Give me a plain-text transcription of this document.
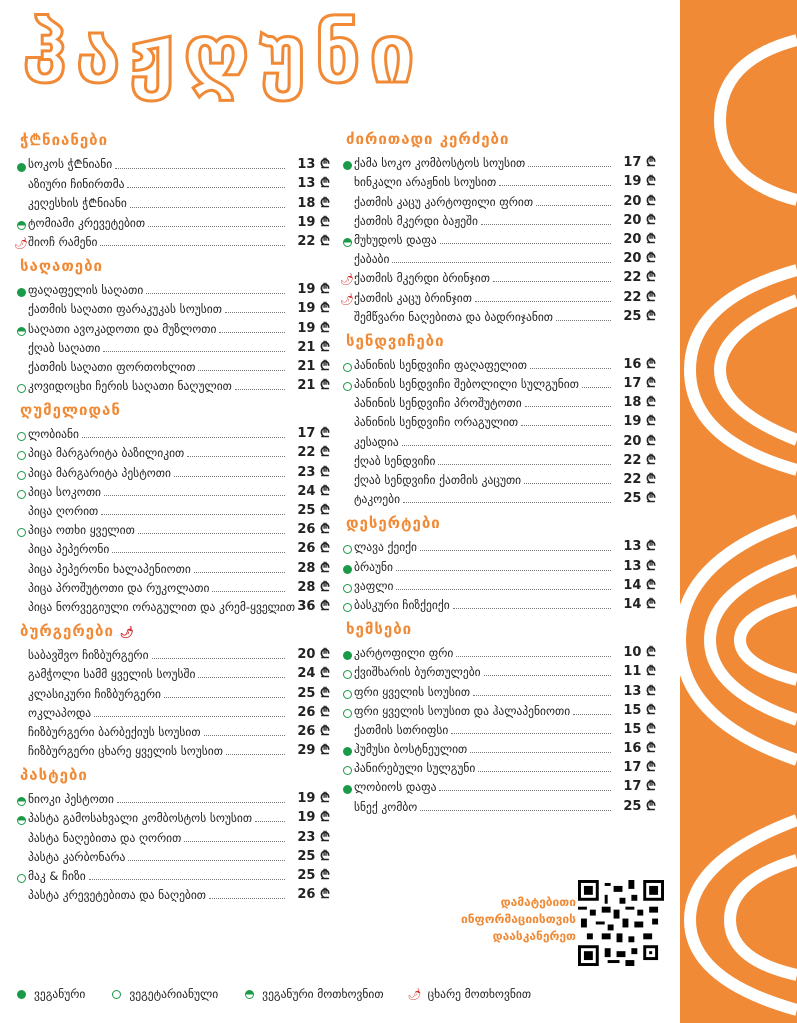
ჰაჟღუნი
ჭ₾ნიანები
სოკოს ჭ₾ნიანი	13 ₾
აზიური ჩინირთმა	13 ₾
კეღესხის ჭ₾ნიანი	18 ₾
ტომიამი კრევეტებით	19 ₾
🌶 შიოჩ რამენი	22 ₾
საღათები
ფაღაფელის საღათი	19 ₾
ქათმის საღათი ფარაკუკას სოუსით	19 ₾
საღათი ავოკადოთი და მუზლოთი	19 ₾
ქღაბ საღათი	21 ₾
ქათმის საღათი ფორთოხლით	21 ₾
კოვიდოცხი ჩერის საღათი ნაღულით	21 ₾
ღუმელიდან
ლობიანი	17 ₾
პიცა მარგარიტა ბაზილიკით	22 ₾
პიცა მარგარიტა პესტოთი	23 ₾
პიცა სოკოთი	24 ₾
პიცა ღორით	25 ₾
პიცა ოთხი ყველით	26 ₾
პიცა პეპერონი	26 ₾
პიცა პეპერონი ხალაპენიოთი	28 ₾
პიცა პროშუტოთი და რუკოლათი	28 ₾
პიცა ნორვეგიული ორაგულით და კრემ-ყველით 36 ₾
ბურგერები 🌶
საბავშვო ჩიზბურგერი	20 ₾
გამჭოლი სამმ ყველის სოუსში	24 ₾
კლასიკური ჩიზბურგერი	25 ₾
ოკლაპოდა	26 ₾
ჩიზბურგერი ბარბექიუს სოუსით	26 ₾
ჩიზბურგერი ცხარე ყველის სოუსით	29 ₾
პასტები
ნიოკი პესტოთი	19 ₾
პასტა გამოსახვალი კომბოსტოს სოუსით	19 ₾
პასტა ნაღებითა და ღორით	23 ₾
პასტა კარბონარა	25 ₾
მაკ & ჩიზი	25 ₾
პასტა კრევეტებითა და ნაღებით	26 ₾
ძირითადი კერძები
ქამა სოკო კომბოსტოს სოუსით	17 ₾
ხინკალი არაჟნის სოუსით	19 ₾
ქათმის კაცუ კარტოფილი ფრით	20 ₾
ქათმის მკერდი ბაჟეში	20 ₾
მუხუდოს დაფა	20 ₾
ქაბაბი	20 ₾
🌶 ქათმის მკერდი ბრინჯით	22 ₾
🌶 ქათმის კაცუ ბრინჯით	22 ₾
შემწვარი ნაღებითა და ბადრიჯანით	25 ₾
სენდვიჩები
პანინის სენდვიჩი ფაღაფელით	16 ₾
პანინის სენდვიჩი შებოლილი სულგუნით	17 ₾
პანინის სენდვიჩი პროშუტოთი	18 ₾
პანინის სენდვიჩი ორაგულით	19 ₾
კესადია	20 ₾
ქღაბ სენდვიჩი	22 ₾
ქღაბ სენდვიჩი ქათმის კაცუთი	22 ₾
ტაკოები	25 ₾
დესერტები
ლავა ქეიქი	13 ₾
ბრაუნი	13 ₾
ვაფლი	14 ₾
ბასკური ჩიზქეიქი	14 ₾
ხემსები
კარტოფილი ფრი	10 ₾
ქვიშხარის ბურთულები	11 ₾
ფრი ყველის სოუსით	13 ₾
ფრი ყველის სოუსით და ჰალაპენიოთი	15 ₾
ქათმის სთრიფსი	15 ₾
ჰუმუსი ბოსტნეულით	16 ₾
პანირებული სულგუნი	17 ₾
ლობიოს დაფა	17 ₾
სნექ კომბო	25 ₾
დამატებითი
ინფორმაციისთვის
დაასკანერეთ
ვეგანური	ვეგეტარიანული	ვეგანური მოთხოვნით 🌶 ცხარე მოთხოვნით
